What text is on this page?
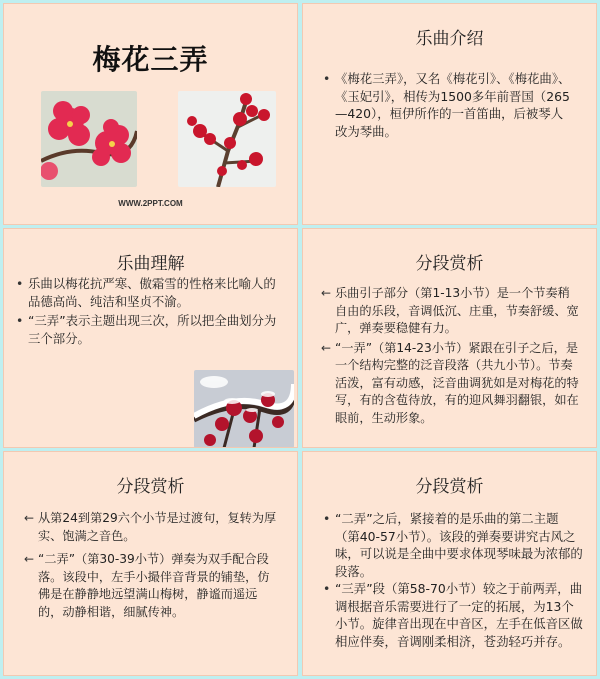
梅花三弄
WWW.2PPT.COM
乐曲介绍
• 《梅花三弄》，又名《梅花引》、《梅花曲》、《玉妃引》，相传为1500多年前晋国（265—420），桓伊所作的一首笛曲，后被琴人改为琴曲。
乐曲理解
• 乐曲以梅花抗严寒、傲霜雪的性格来比喻人的品德高尚、纯洁和坚贞不渝。
• “三弄”表示主题出现三次，所以把全曲划分为三个部分。
分段赏析
← 乐曲引子部分（第1-13小节）是一个节奏稍自由的乐段，音调低沉、庄重，节奏舒缓、宽广，弹奏要稳健有力。
← “一弄”（第14-23小节）紧跟在引子之后，是一个结构完整的泛音段落（共九小节）。节奏活泼，富有动感，泛音曲调犹如是对梅花的特写，有的含苞待放，有的迎风舞羽翻银，如在眼前，生动形象。
分段赏析
← 从第24到第29六个小节是过渡句，复转为厚实、饱满之音色。
← “二弄”（第30-39小节）弹奏为双手配合段落。该段中，左手小撮伴音背景的铺垫，仿佛是在静静地远望满山梅树，静谧而遥远的，动静相谐，细腻传神。
分段赏析
• “二弄”之后，紧接着的是乐曲的第二主题（第40-57小节）。该段的弹奏要讲究古风之味，可以说是全曲中要求体现琴味最为浓郁的段落。
• “三弄”段（第58-70小节）较之于前两弄，曲调根据音乐需要进行了一定的拓展，为13个小节。旋律音出现在中音区，左手在低音区做相应伴奏，音调刚柔相济，苍劲轻巧并存。
